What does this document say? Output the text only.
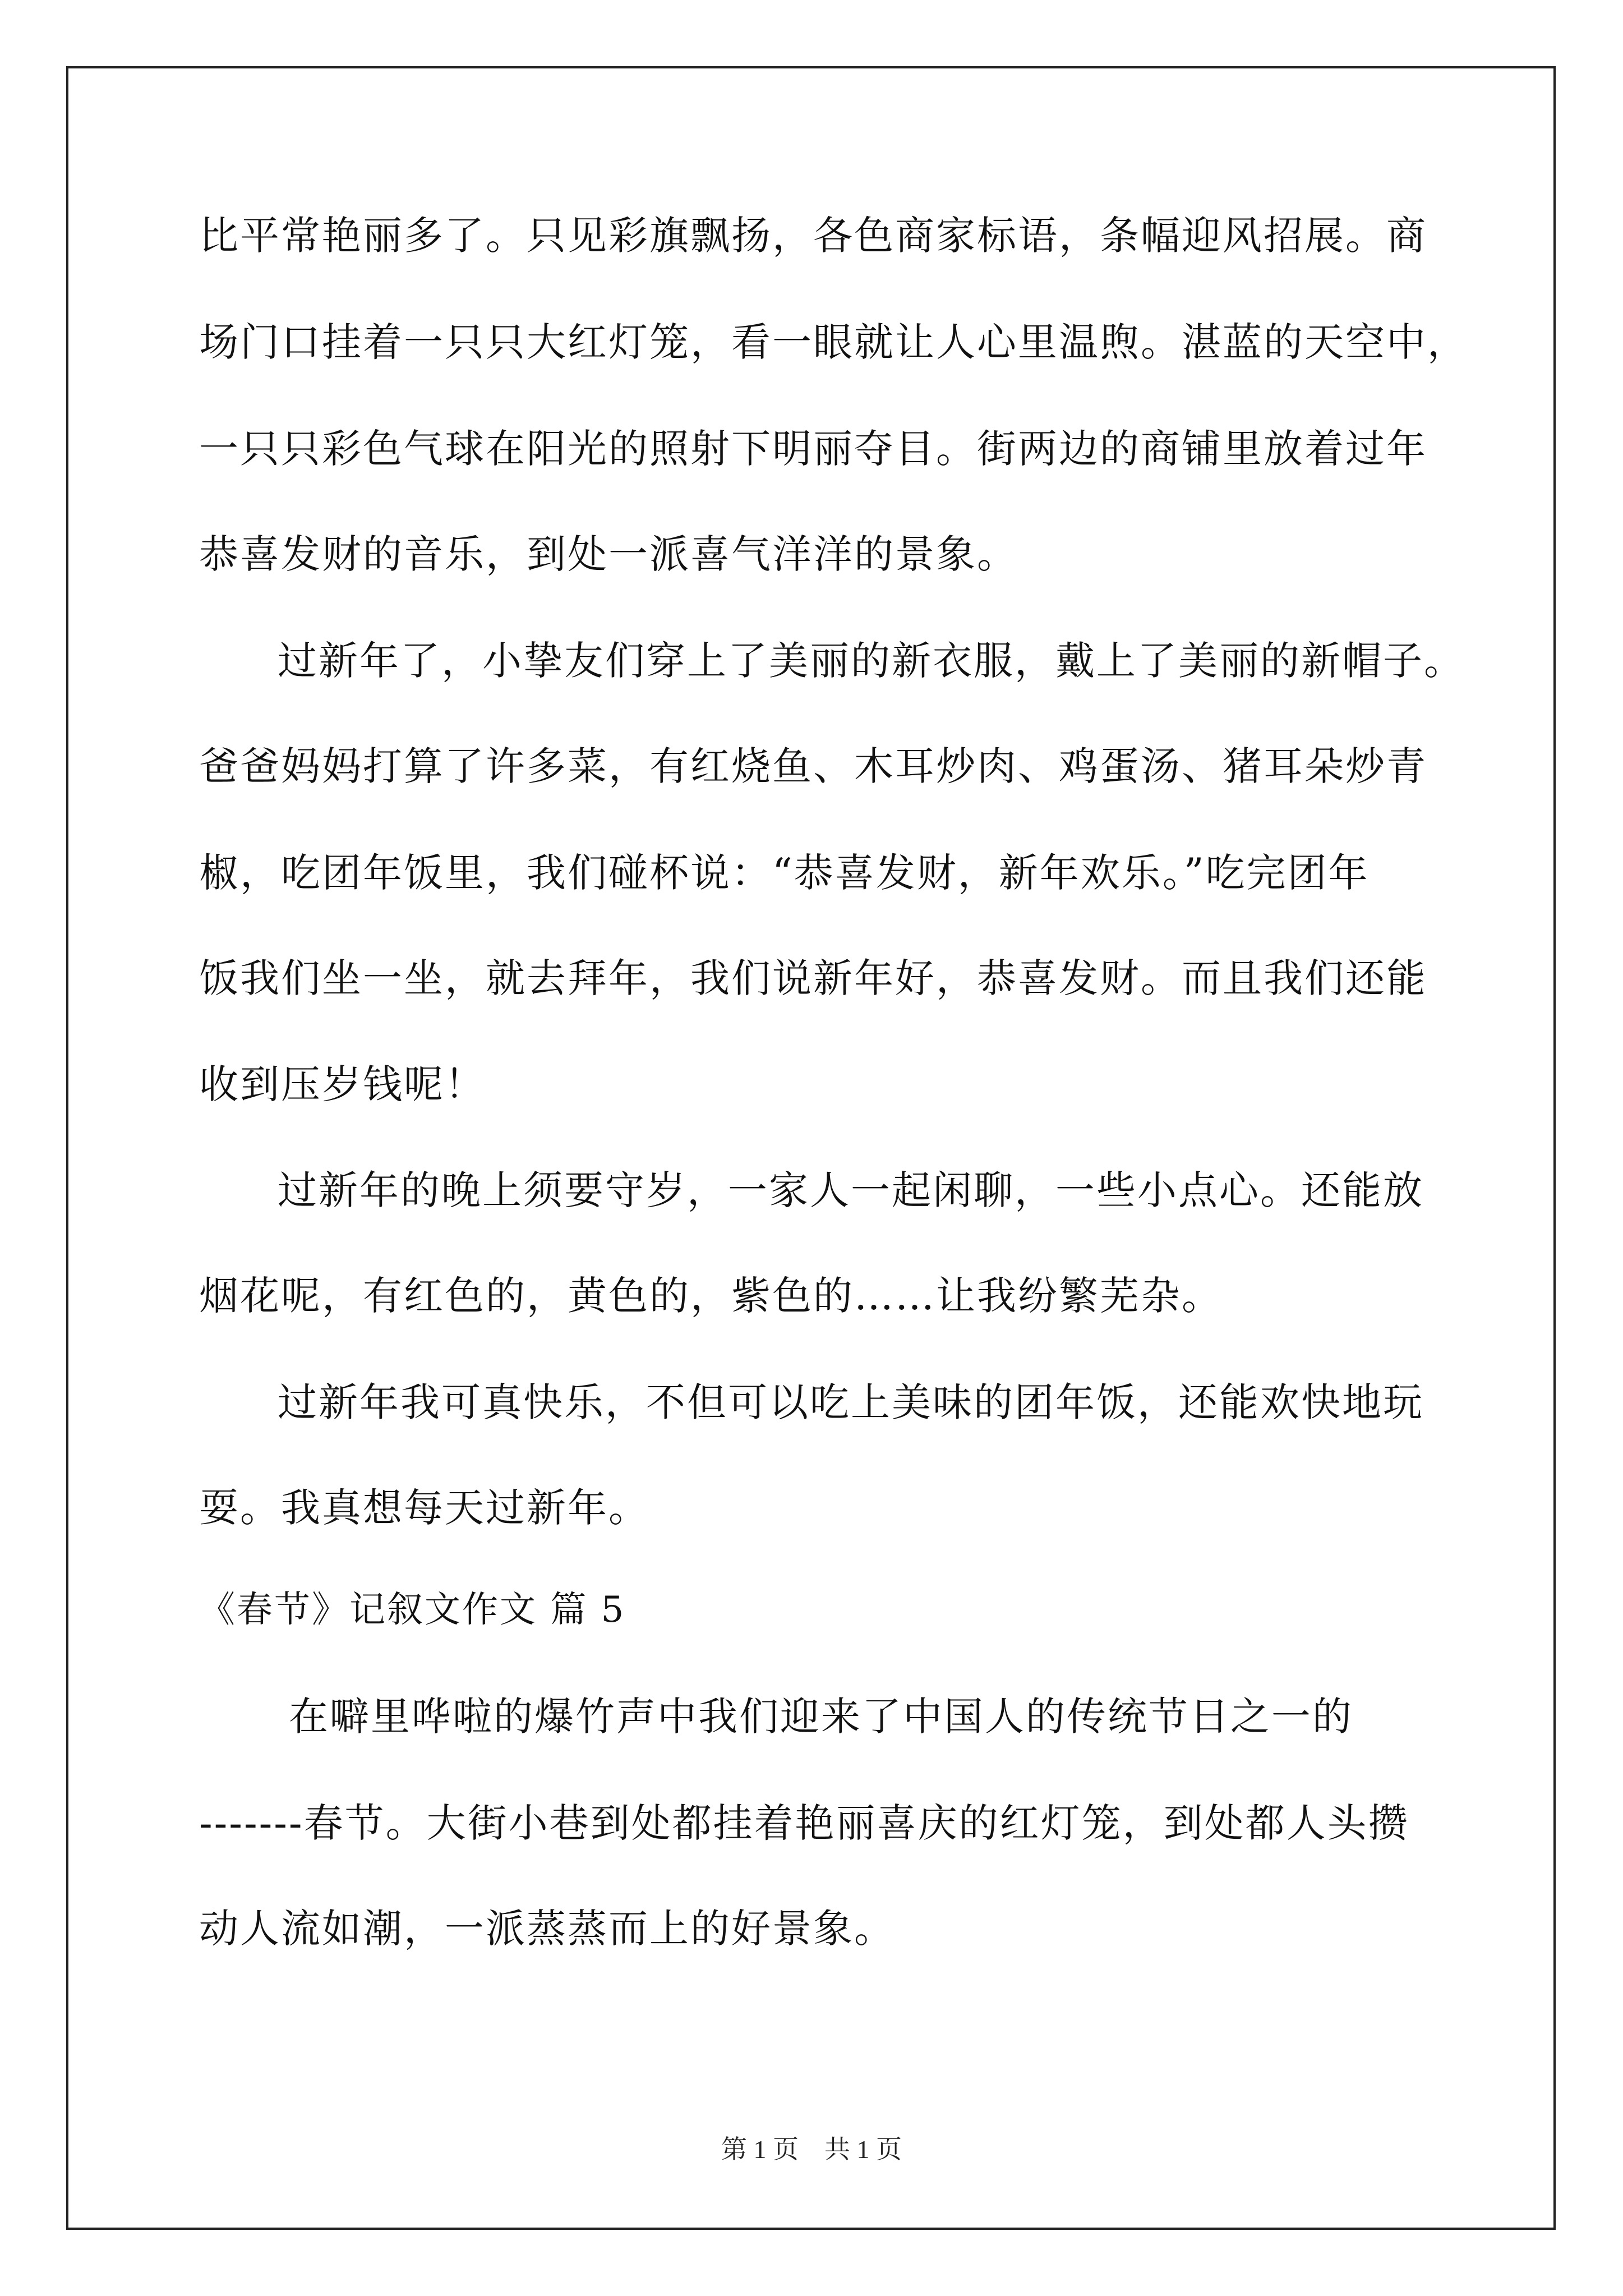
比平常艳丽多了。只见彩旗飘扬，各色商家标语，条幅迎风招展。商
场门口挂着一只只大红灯笼，看一眼就让人心里温煦。湛蓝的天空中，
一只只彩色气球在阳光的照射下明丽夺目。街两边的商铺里放着过年
恭喜发财的音乐，到处一派喜气洋洋的景象。
过新年了，小挚友们穿上了美丽的新衣服，戴上了美丽的新帽子。
爸爸妈妈打算了许多菜，有红烧鱼、木耳炒肉、鸡蛋汤、猪耳朵炒青
椒，吃团年饭里，我们碰杯说：“恭喜发财，新年欢乐。”吃完团年
饭我们坐一坐，就去拜年，我们说新年好，恭喜发财。而且我们还能
收到压岁钱呢！
过新年的晚上须要守岁，一家人一起闲聊，一些小点心。还能放
烟花呢，有红色的，黄色的，紫色的……让我纷繁芜杂。
过新年我可真快乐，不但可以吃上美味的团年饭，还能欢快地玩
耍。我真想每天过新年。
《春节》记叙文作文 篇 5
在噼里哗啦的爆竹声中我们迎来了中国人的传统节日之一的
-------春节。大街小巷到处都挂着艳丽喜庆的红灯笼，到处都人头攒
动人流如潮，一派蒸蒸而上的好景象。
第 1 页　共 1 页
